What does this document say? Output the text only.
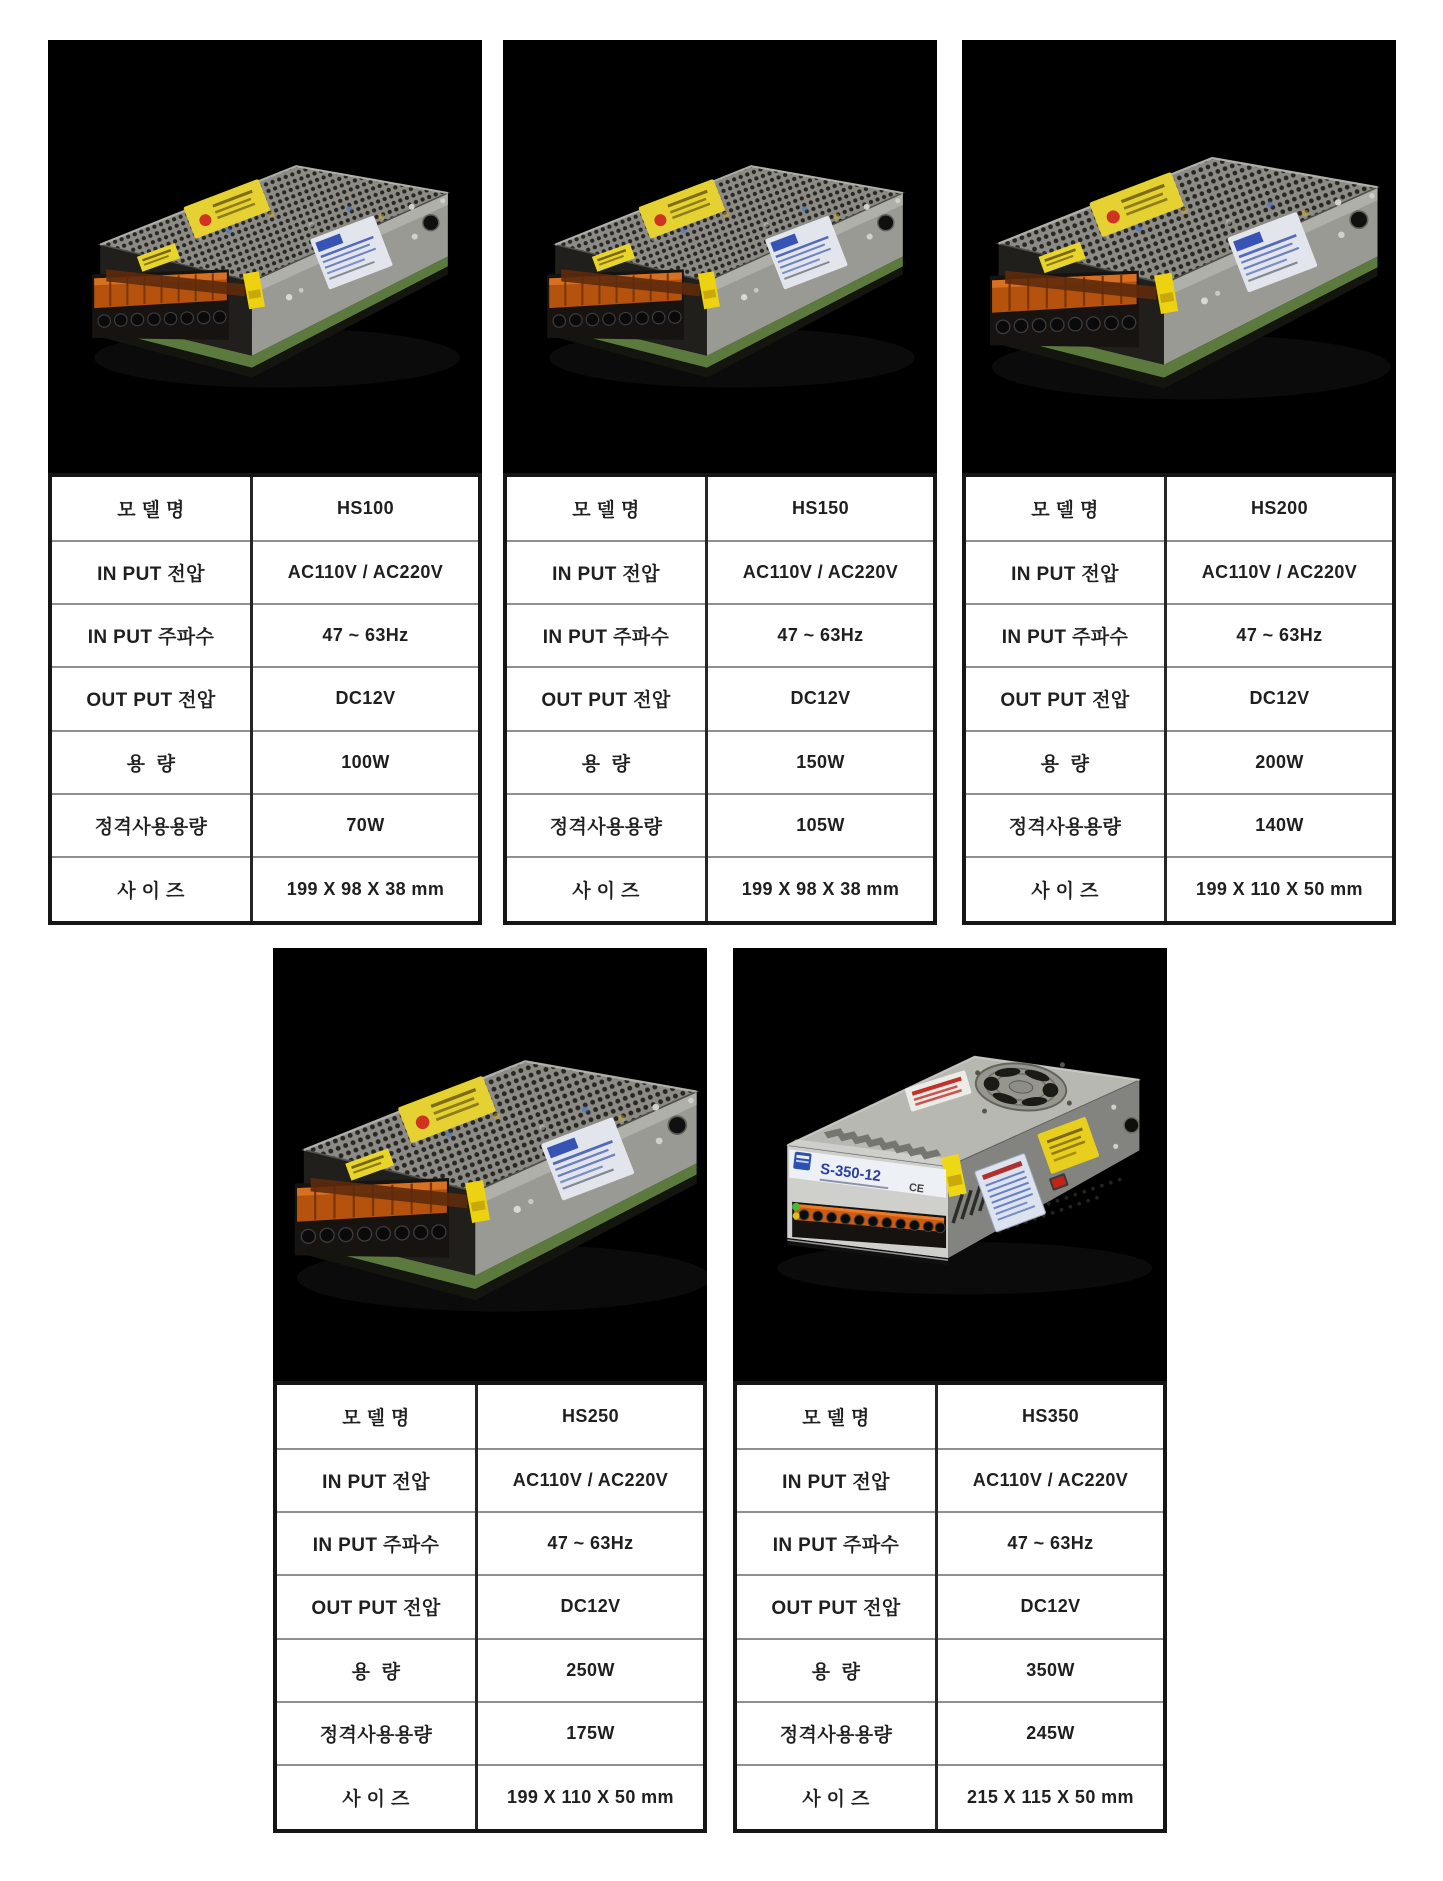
모 델 명	HS100
IN PUT 전압	AC110V / AC220V
IN PUT 주파수	47 ~ 63Hz
OUT PUT 전압	DC12V
용  량	100W
정격사용용량	70W
사 이 즈	199 X 98 X 38 mm
모 델 명	HS150
IN PUT 전압	AC110V / AC220V
IN PUT 주파수	47 ~ 63Hz
OUT PUT 전압	DC12V
용  량	150W
정격사용용량	105W
사 이 즈	199 X 98 X 38 mm
모 델 명	HS200
IN PUT 전압	AC110V / AC220V
IN PUT 주파수	47 ~ 63Hz
OUT PUT 전압	DC12V
용  량	200W
정격사용용량	140W
사 이 즈	199 X 110 X 50 mm
모 델 명	HS250
IN PUT 전압	AC110V / AC220V
IN PUT 주파수	47 ~ 63Hz
OUT PUT 전압	DC12V
용  량	250W
정격사용용량	175W
사 이 즈	199 X 110 X 50 mm
모 델 명	HS350
IN PUT 전압	AC110V / AC220V
IN PUT 주파수	47 ~ 63Hz
OUT PUT 전압	DC12V
용  량	350W
정격사용용량	245W
사 이 즈	215 X 115 X 50 mm
